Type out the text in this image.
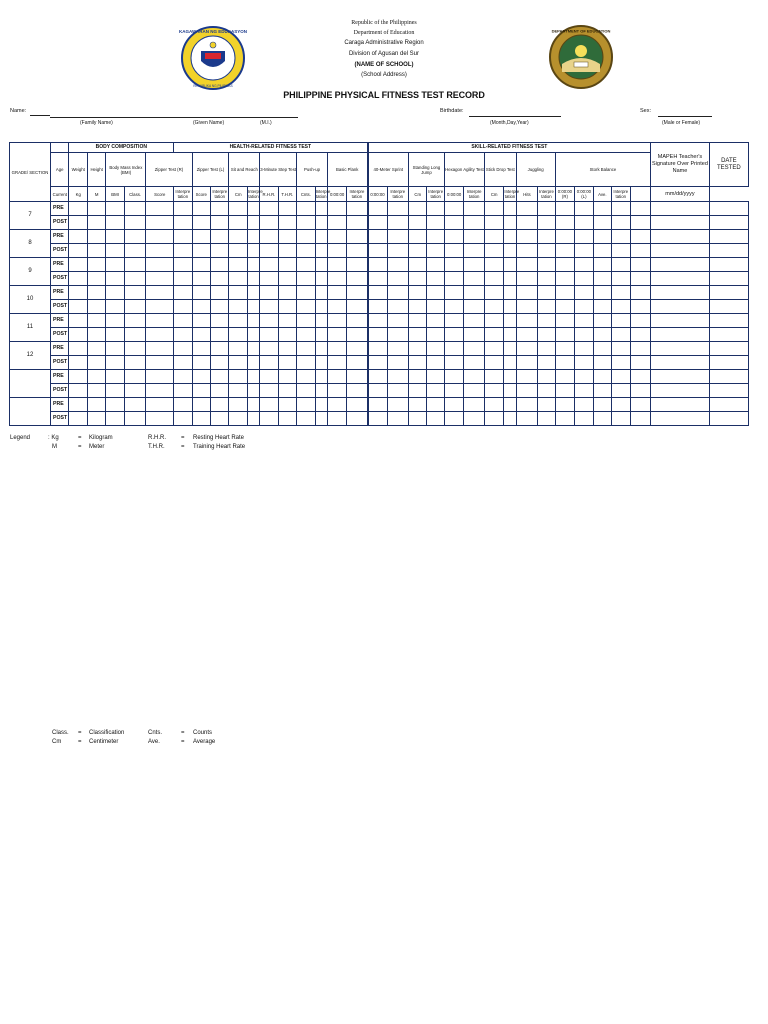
KAGAWARAN NG EDUKASYON
REPUBLIKA NG PILIPINAS
DEPARTMENT OF EDUCATION
Republic of the Philippines
Department of Education
Caraga Administrative Region
Division of Agusan del Sur
(NAME OF SCHOOL)
(School Address)
PHILIPPINE PHYSICAL FITNESS TEST RECORD
Name:
(Family Name)	(Given Name)	(M.I.)
Birthdate:
(Month,Day,Year)
Sex:
(Male or Female)
GRADE/ SECTION		BODY COMPOSITION					HEALTH-RELATED FITNESS TEST											SKILL-RELATED FITNESS TEST															MAPEH Teacher's Signature Over Printed Name	DATE TESTED
	Age	Weight	Height	Body Mass Index (BMI)		Zipper Test (R)		Zipper Test (L)		Sit and Reach		3-Minute Step Test		Push-up		Basic Plank		40-Meter Sprint		Standing Long Jump		Hexagon Agility Test		Stick Drop Test		Juggling		Stork Balance						
	Current	Kg	M	BMI	Class.	Score	Interpre tation	Score	Interpre tation	Cm	Interpre tation	R.H.R.	T.H.R.	Cnts.	Interpre tation	0:00:00	Interpre tation	0:00:00	Interpre tation	Cm	Interpre tation	0:00:00	Interpre tation	Cm	Interpre tation	Hits	Interpre tation	0:00:00 (R)	0:00:00 (L)	Ave.	Interpre tation		mm/dd/yyyy	
7	PRE																																	
	POST																																	
8	PRE																																	
	POST																																	
9	PRE																																	
	POST																																	
10	PRE																																	
	POST																																	
11	PRE																																	
	POST																																	
12	PRE																																	
	POST																																	
	PRE																																	
	POST																																	
	PRE																																	
	POST																																	
Legend	: Kg	= Kilogram	R.H.R.	= Resting Heart Rate
M	= Meter	T.H.R.	= Training Heart Rate
Class. = Classification	Cnts.	= Counts
Cm	= Centimeter	Ave.	= Average
